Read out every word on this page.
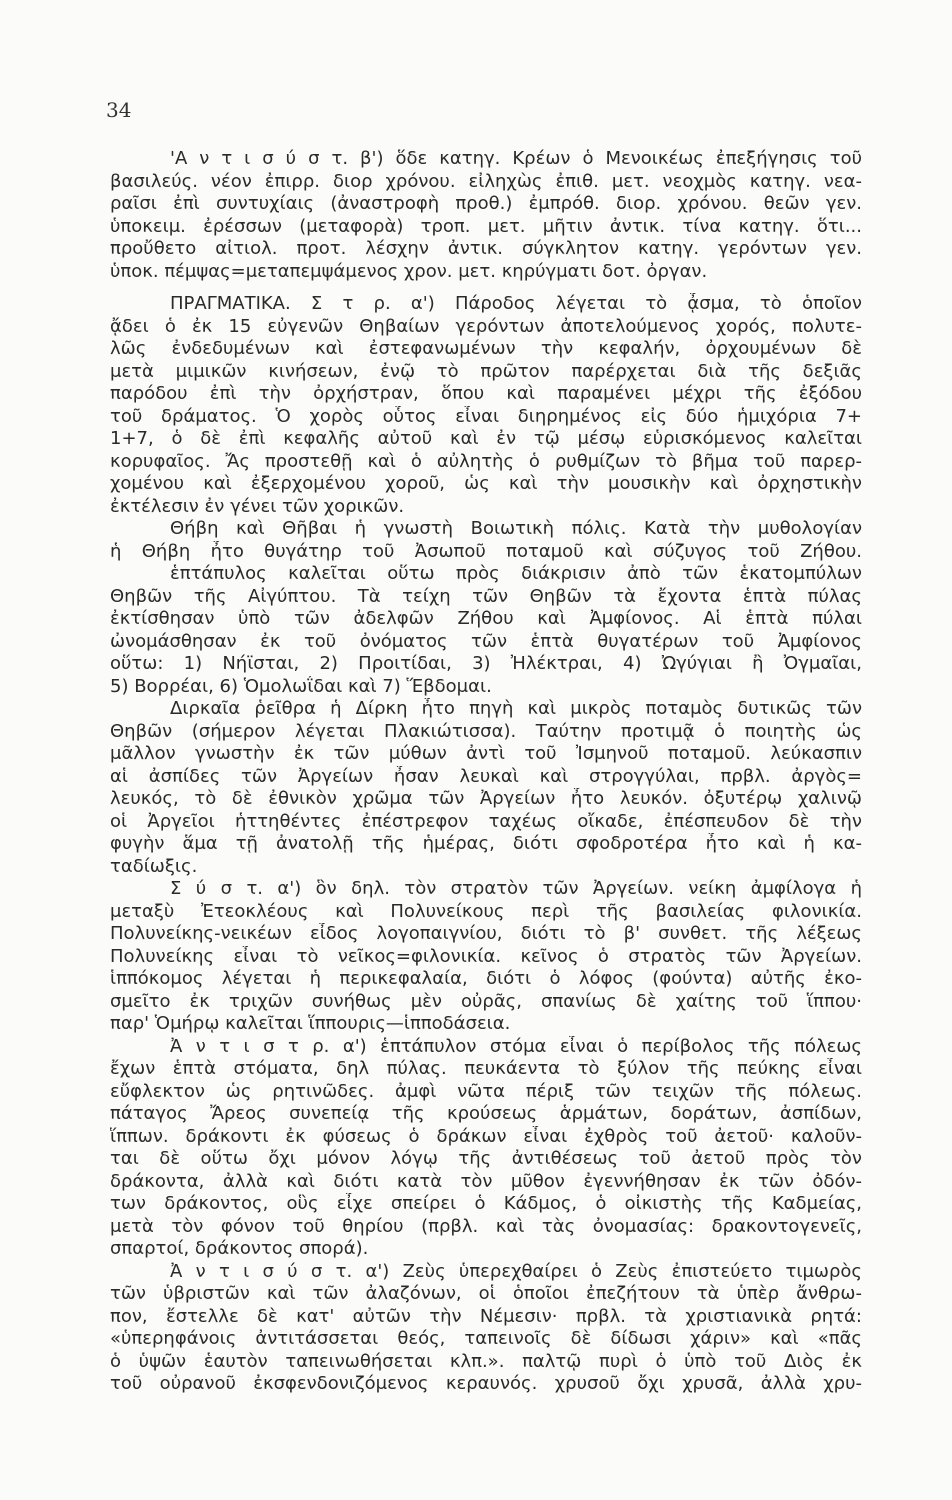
34
'Α ν τ ι σ ύ σ τ. β') ὅδε κατηγ. Κρέων ὁ Μενοικέως ἐπεξήγησις τοῦ
βασιλεύς. νέον ἐπιρρ. διορ χρόνου. εἰληχὼς ἐπιθ. μετ. νεοχμὸς κατηγ. νεα-
ραῖσι ἐπὶ συντυχίαις (ἀναστροφὴ προθ.) ἐμπρόθ. διορ. χρόνου. θεῶν γεν.
ὑποκειμ. ἐρέσσων (μεταφορὰ) τροπ. μετ. μῆτιν ἀντικ. τίνα κατηγ. ὅτι...
προὔθετο αἰτιολ. προτ. λέσχην ἀντικ. σύγκλητον κατηγ. γερόντων γεν.
ὑποκ. πέμψας=μεταπεμψάμενος χρον. μετ. κηρύγματι δοτ. ὀργαν.
ΠΡΑΓΜΑΤΙΚΑ. Σ τ ρ. α') Πάροδος λέγεται τὸ ᾆσμα, τὸ ὁποῖον
ᾄδει ὁ ἐκ 15 εὐγενῶν Θηβαίων γερόντων ἀποτελούμενος χορός, πολυτε-
λῶς ἐνδεδυμένων καὶ ἐστεφανωμένων τὴν κεφαλήν, ὀρχουμένων δὲ
μετὰ μιμικῶν κινήσεων, ἐνῷ τὸ πρῶτον παρέρχεται διὰ τῆς δεξιᾶς
παρόδου ἐπὶ τὴν ὀρχήστραν, ὅπου καὶ παραμένει μέχρι τῆς ἐξόδου
τοῦ δράματος. Ὁ χορὸς οὗτος εἶναι διηρημένος εἰς δύο ἡμιχόρια 7+
1+7, ὁ δὲ ἐπὶ κεφαλῆς αὐτοῦ καὶ ἐν τῷ μέσῳ εὑρισκόμενος καλεῖται
κορυφαῖος. Ἄς προστεθῇ καὶ ὁ αὐλητὴς ὁ ρυθμίζων τὸ βῆμα τοῦ παρερ-
χομένου καὶ ἐξερχομένου χοροῦ, ὡς καὶ τὴν μουσικὴν καὶ ὀρχηστικὴν
ἐκτέλεσιν ἐν γένει τῶν χορικῶν.
Θήβη καὶ Θῆβαι ἡ γνωστὴ Βοιωτικὴ πόλις. Κατὰ τὴν μυθολογίαν
ἡ Θήβη ἦτο θυγάτηρ τοῦ Ἀσωποῦ ποταμοῦ καὶ σύζυγος τοῦ Ζήθου.
ἑπτάπυλος καλεῖται οὕτω πρὸς διάκρισιν ἀπὸ τῶν ἑκατομπύλων
Θηβῶν τῆς Αἰγύπτου. Τὰ τείχη τῶν Θηβῶν τὰ ἔχοντα ἑπτὰ πύλας
ἐκτίσθησαν ὑπὸ τῶν ἀδελφῶν Ζήθου καὶ Ἀμφίονος. Αἱ ἑπτὰ πύλαι
ὠνομάσθησαν ἐκ τοῦ ὀνόματος τῶν ἑπτὰ θυγατέρων τοῦ Ἀμφίονος
οὕτω: 1) Νήϊσται, 2) Προιτίδαι, 3) Ἠλέκτραι, 4) Ὠγύγιαι ἢ Ὀγμαῖαι,
5) Βορρέαι, 6) Ὁμολωΐδαι καὶ 7) Ἕβδομαι.
Διρκαῖα ῥεῖθρα ἡ Δίρκη ἦτο πηγὴ καὶ μικρὸς ποταμὸς δυτικῶς τῶν
Θηβῶν (σήμερον λέγεται Πλακιώτισσα). Ταύτην προτιμᾷ ὁ ποιητὴς ὡς
μᾶλλον γνωστὴν ἐκ τῶν μύθων ἀντὶ τοῦ Ἰσμηνοῦ ποταμοῦ. λεύκασπιν
αἱ ἀσπίδες τῶν Ἀργείων ἦσαν λευκαὶ καὶ στρογγύλαι, πρβλ. ἀργὸς=
λευκός, τὸ δὲ ἐθνικὸν χρῶμα τῶν Ἀργείων ἦτο λευκόν. ὀξυτέρῳ χαλινῷ
οἱ Ἀργεῖοι ἡττηθέντες ἐπέστρεφον ταχέως οἴκαδε, ἐπέσπευδον δὲ τὴν
φυγὴν ἅμα τῇ ἀνατολῇ τῆς ἡμέρας, διότι σφοδροτέρα ἦτο καὶ ἡ κα-
ταδίωξις.
Σ ύ σ τ. α') ὃν δηλ. τὸν στρατὸν τῶν Ἀργείων. νείκη ἀμφίλογα ἡ
μεταξὺ Ἐτεοκλέους καὶ Πολυνείκους περὶ τῆς βασιλείας φιλονικία.
Πολυνείκης-νεικέων εἶδος λογοπαιγνίου, διότι τὸ β' συνθετ. τῆς λέξεως
Πολυνείκης εἶναι τὸ νεῖκος=φιλονικία. κεῖνος ὁ στρατὸς τῶν Ἀργείων.
ἱππόκομος λέγεται ἡ περικεφαλαία, διότι ὁ λόφος (φούντα) αὐτῆς ἐκο-
σμεῖτο ἐκ τριχῶν συνήθως μὲν οὐρᾶς, σπανίως δὲ χαίτης τοῦ ἵππου·
παρ' Ὁμήρῳ καλεῖται ἵππουρις—ἱπποδάσεια.
Ἀ ν τ ι σ τ ρ. α') ἑπτάπυλον στόμα εἶναι ὁ περίβολος τῆς πόλεως
ἔχων ἑπτὰ στόματα, δηλ πύλας. πευκάεντα τὸ ξύλον τῆς πεύκης εἶναι
εὔφλεκτον ὡς ρητινῶδες. ἀμφὶ νῶτα πέριξ τῶν τειχῶν τῆς πόλεως.
πάταγος Ἄρεος συνεπείᾳ τῆς κρούσεως ἁρμάτων, δοράτων, ἀσπίδων,
ἵππων. δράκοντι ἐκ φύσεως ὁ δράκων εἶναι ἐχθρὸς τοῦ ἀετοῦ· καλοῦν-
ται δὲ οὕτω ὄχι μόνον λόγῳ τῆς ἀντιθέσεως τοῦ ἀετοῦ πρὸς τὸν
δράκοντα, ἀλλὰ καὶ διότι κατὰ τὸν μῦθον ἐγεννήθησαν ἐκ τῶν ὀδόν-
των δράκοντος, οὓς εἶχε σπείρει ὁ Κάδμος, ὁ οἰκιστὴς τῆς Καδμείας,
μετὰ τὸν φόνον τοῦ θηρίου (πρβλ. καὶ τὰς ὀνομασίας: δρακοντογενεῖς,
σπαρτοί, δράκοντος σπορά).
Ἀ ν τ ι σ ύ σ τ. α') Ζεὺς ὑπερεχθαίρει ὁ Ζεὺς ἐπιστεύετο τιμωρὸς
τῶν ὑβριστῶν καὶ τῶν ἀλαζόνων, οἱ ὁποῖοι ἐπεζήτουν τὰ ὑπὲρ ἄνθρω-
πον, ἔστελλε δὲ κατ' αὐτῶν τὴν Νέμεσιν· πρβλ. τὰ χριστιανικὰ ρητά:
«ὑπερηφάνοις ἀντιτάσσεται θεός, ταπεινοῖς δὲ δίδωσι χάριν» καὶ «πᾶς
ὁ ὑψῶν ἑαυτὸν ταπεινωθήσεται κλπ.». παλτῷ πυρὶ ὁ ὑπὸ τοῦ Διὸς ἐκ
τοῦ οὐρανοῦ ἐκσφενδονιζόμενος κεραυνός. χρυσοῦ ὄχι χρυσᾶ, ἀλλὰ χρυ-
